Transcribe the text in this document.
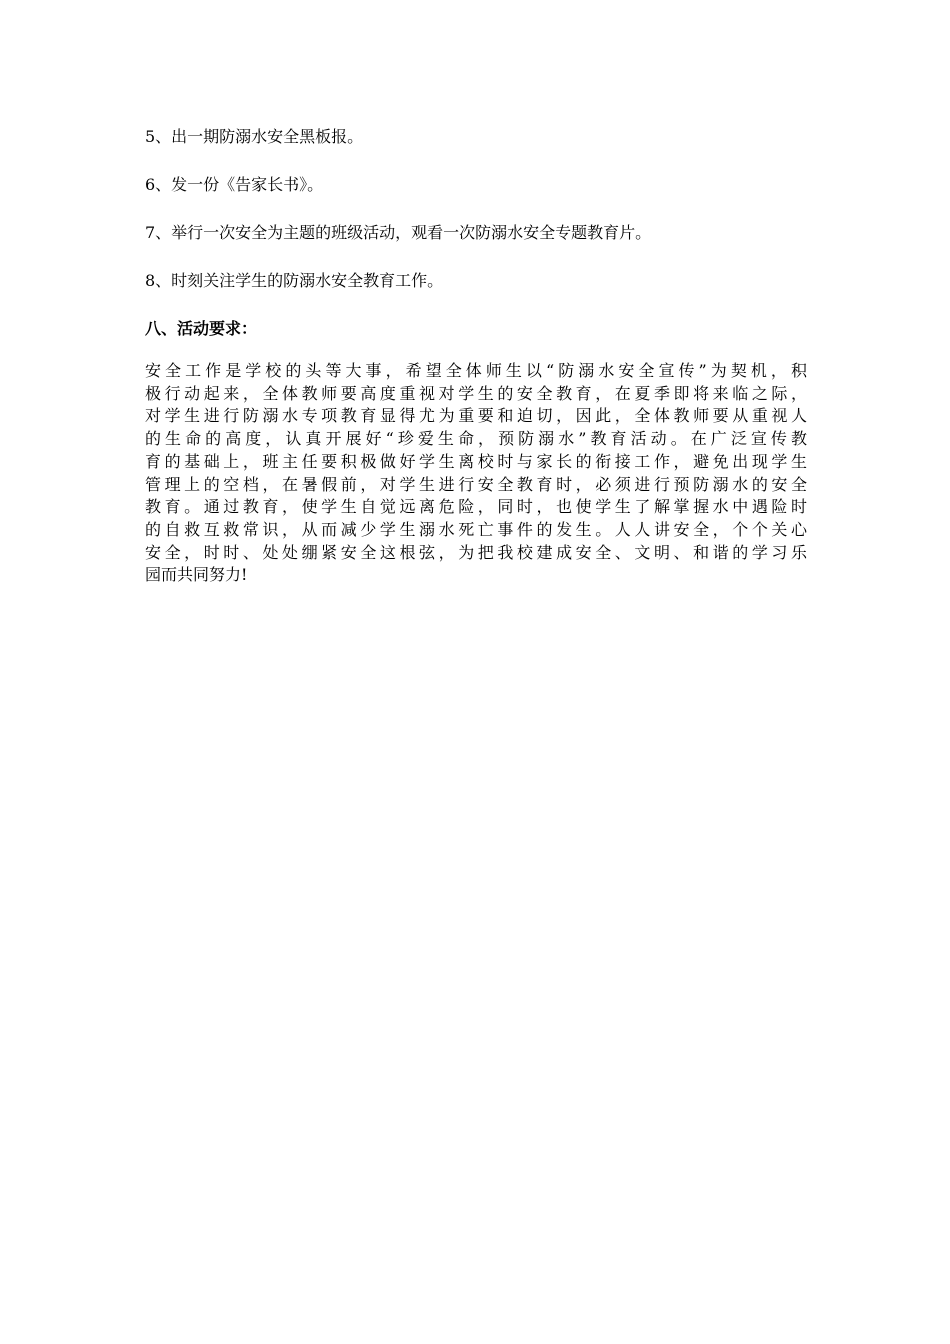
5、出一期防溺水安全黑板报。

6、发一份《告家长书》。

7、举行一次安全为主题的班级活动，观看一次防溺水安全专题教育片。

8、时刻关注学生的防溺水安全教育工作。

八、活动要求：

安全工作是学校的头等大事，希望全体师生以“防溺水安全宣传”为契机，积
极行动起来，全体教师要高度重视对学生的安全教育，在夏季即将来临之际，
对学生进行防溺水专项教育显得尤为重要和迫切，因此，全体教师要从重视人
的生命的高度，认真开展好“珍爱生命，预防溺水”教育活动。在广泛宣传教
育的基础上，班主任要积极做好学生离校时与家长的衔接工作，避免出现学生
管理上的空档，在暑假前，对学生进行安全教育时，必须进行预防溺水的安全
教育。通过教育，使学生自觉远离危险，同时，也使学生了解掌握水中遇险时
的自救互救常识，从而减少学生溺水死亡事件的发生。人人讲安全，个个关心
安全，时时、处处绷紧安全这根弦，为把我校建成安全、文明、和谐的学习乐
园而共同努力!
